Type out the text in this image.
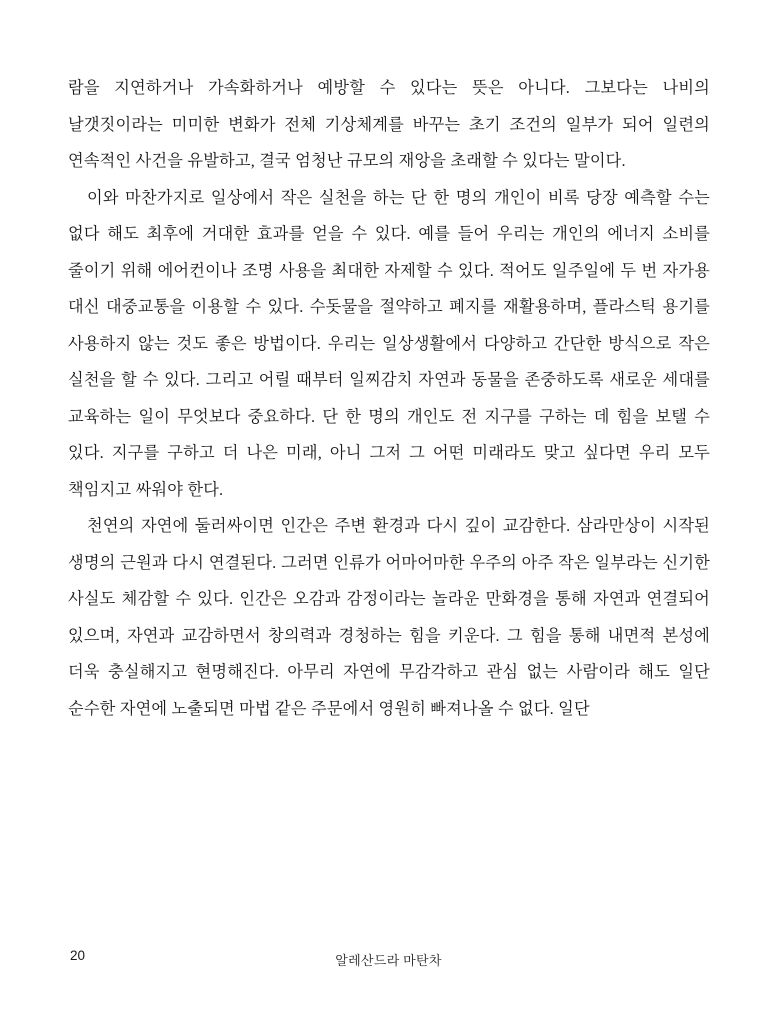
람을 지연하거나 가속화하거나 예방할 수 있다는 뜻은 아니다. 그보다는 나비의 날갯짓이라는 미미한 변화가 전체 기상체계를 바꾸는 초기 조건의 일부가 되어 일련의 연속적인 사건을 유발하고, 결국 엄청난 규모의 재앙을 초래할 수 있다는 말이다.

이와 마찬가지로 일상에서 작은 실천을 하는 단 한 명의 개인이 비록 당장 예측할 수는 없다 해도 최후에 거대한 효과를 얻을 수 있다. 예를 들어 우리는 개인의 에너지 소비를 줄이기 위해 에어컨이나 조명 사용을 최대한 자제할 수 있다. 적어도 일주일에 두 번 자가용 대신 대중교통을 이용할 수 있다. 수돗물을 절약하고 폐지를 재활용하며, 플라스틱 용기를 사용하지 않는 것도 좋은 방법이다. 우리는 일상생활에서 다양하고 간단한 방식으로 작은 실천을 할 수 있다. 그리고 어릴 때부터 일찌감치 자연과 동물을 존중하도록 새로운 세대를 교육하는 일이 무엇보다 중요하다. 단 한 명의 개인도 전 지구를 구하는 데 힘을 보탤 수 있다. 지구를 구하고 더 나은 미래, 아니 그저 그 어떤 미래라도 맞고 싶다면 우리 모두 책임지고 싸워야 한다.

천연의 자연에 둘러싸이면 인간은 주변 환경과 다시 깊이 교감한다. 삼라만상이 시작된 생명의 근원과 다시 연결된다. 그러면 인류가 어마어마한 우주의 아주 작은 일부라는 신기한 사실도 체감할 수 있다. 인간은 오감과 감정이라는 놀라운 만화경을 통해 자연과 연결되어 있으며, 자연과 교감하면서 창의력과 경청하는 힘을 키운다. 그 힘을 통해 내면적 본성에 더욱 충실해지고 현명해진다. 아무리 자연에 무감각하고 관심 없는 사람이라 해도 일단 순수한 자연에 노출되면 마법 같은 주문에서 영원히 빠져나올 수 없다. 일단

20	알레산드라 마탄차
